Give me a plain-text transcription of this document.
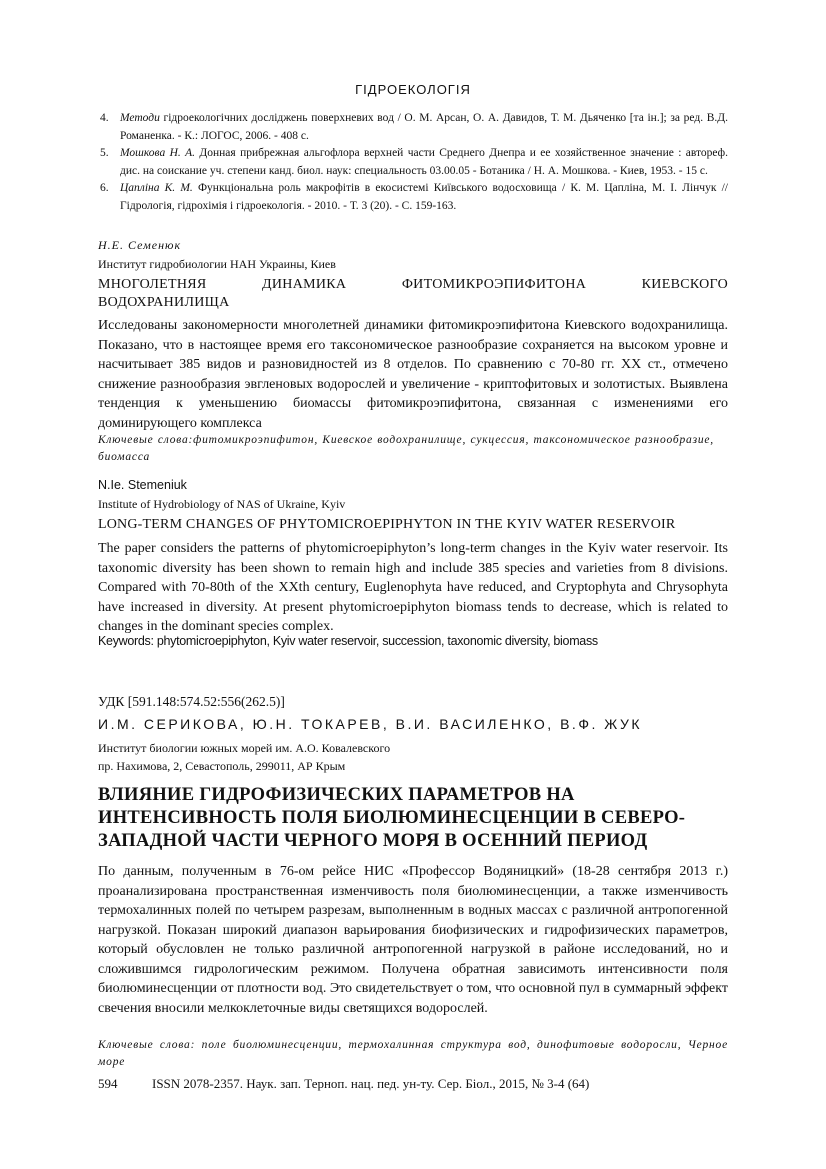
ГІДРОЕКОЛОГІЯ
4. Методи гідроекологічних досліджень поверхневих вод / О. М. Арсан, О. А. Давидов, Т. М. Дьяченко [та ін.]; за ред. В.Д. Романенка. - К.: ЛОГОС, 2006. - 408 с.
5. Мошкова Н. А. Донная прибрежная альгофлора верхней части Среднего Днепра и ее хозяйственное значение : автореф. дис. на соискание уч. степени канд. биол. наук: специальность 03.00.05 - Ботаника / Н. А. Мошкова. - Киев, 1953. - 15 с.
6. Цапліна К. М. Функціональна роль макрофітів в екосистемі Київського водосховища / К. М. Цапліна, М. І. Лінчук // Гідрологія, гідрохімія і гідроекологія. - 2010. - Т. 3 (20). - С. 159-163.
Н.Е. Семенюк
Институт гидробиологии НАН Украины, Киев
МНОГОЛЕТНЯЯ ДИНАМИКА ФИТОМИКРОЭПИФИТОНА КИЕВСКОГО
ВОДОХРАНИЛИЩА
Исследованы закономерности многолетней динамики фитомикроэпифитона Киевского водохранилища. Показано, что в настоящее время его таксономическое разнообразие сохраняется на высоком уровне и насчитывает 385 видов и разновидностей из 8 отделов. По сравнению с 70-80 гг. XX ст., отмечено снижение разнообразия эвгленовых водорослей и увеличение - криптофитовых и золотистых. Выявлена тенденция к уменьшению биомассы фитомикроэпифитона, связанная с изменениями его доминирующего комплекса
Ключевые слова:фитомикроэпифитон, Киевское водохранилище, сукцессия, таксономическое разнообразие, биомасса
N.Ie. Stemeniuk
Institute of Hydrobiology of NAS of Ukraine, Kyiv
LONG-TERM CHANGES OF PHYTOMICROEPIPHYTON IN THE KYIV WATER RESERVOIR
The paper considers the patterns of phytomicroepiphyton’s long-term changes in the Kyiv water reservoir. Its taxonomic diversity has been shown to remain high and include 385 species and varieties from 8 divisions. Compared with 70-80th of the XXth century, Euglenophyta have reduced, and Cryptophyta and Chrysophyta have increased in diversity. At present phytomicroepiphyton biomass tends to decrease, which is related to changes in the dominant species complex.
Keywords: phytomicroepiphyton, Kyiv water reservoir, succession, taxonomic diversity, biomass
УДК [591.148:574.52:556(262.5)]
И.М. СЕРИКОВА, Ю.Н. ТОКАРЕВ, В.И. ВАСИЛЕНКО, В.Ф. ЖУК
Институт биологии южных морей им. А.О. Ковалевского
пр. Нахимова, 2, Севастополь, 299011, АР Крым
ВЛИЯНИЕ ГИДРОФИЗИЧЕСКИХ ПАРАМЕТРОВ НА
ИНТЕНСИВНОСТЬ ПОЛЯ БИОЛЮМИНЕСЦЕНЦИИ В СЕВЕРО-
ЗАПАДНОЙ ЧАСТИ ЧЕРНОГО МОРЯ В ОСЕННИЙ ПЕРИОД
По данным, полученным в 76-ом рейсе НИС «Профессор Водяницкий» (18-28 сентября 2013 г.) проанализирована пространственная изменчивость поля биолюминесценции, а также изменчивость термохалинных полей по четырем разрезам, выполненным в водных массах с различной антропогенной нагрузкой. Показан широкий диапазон варьирования биофизических и гидрофизических параметров, который обусловлен не только различной антропогенной нагрузкой в районе исследований, но и сложившимся гидрологическим режимом. Получена обратная зависимоть интенсивности поля биолюминесценции от плотности вод. Это свидетельствует о том, что основной пул в суммарный эффект свечения вносили мелкоклеточные виды светящихся водорослей.
Ключевые слова: поле биолюминесценции, термохалинная структура вод, динофитовые водоросли, Черное море
594	ISSN 2078-2357. Наук. зап. Терноп. нац. пед. ун-ту. Сер. Біол., 2015, № 3-4 (64)
